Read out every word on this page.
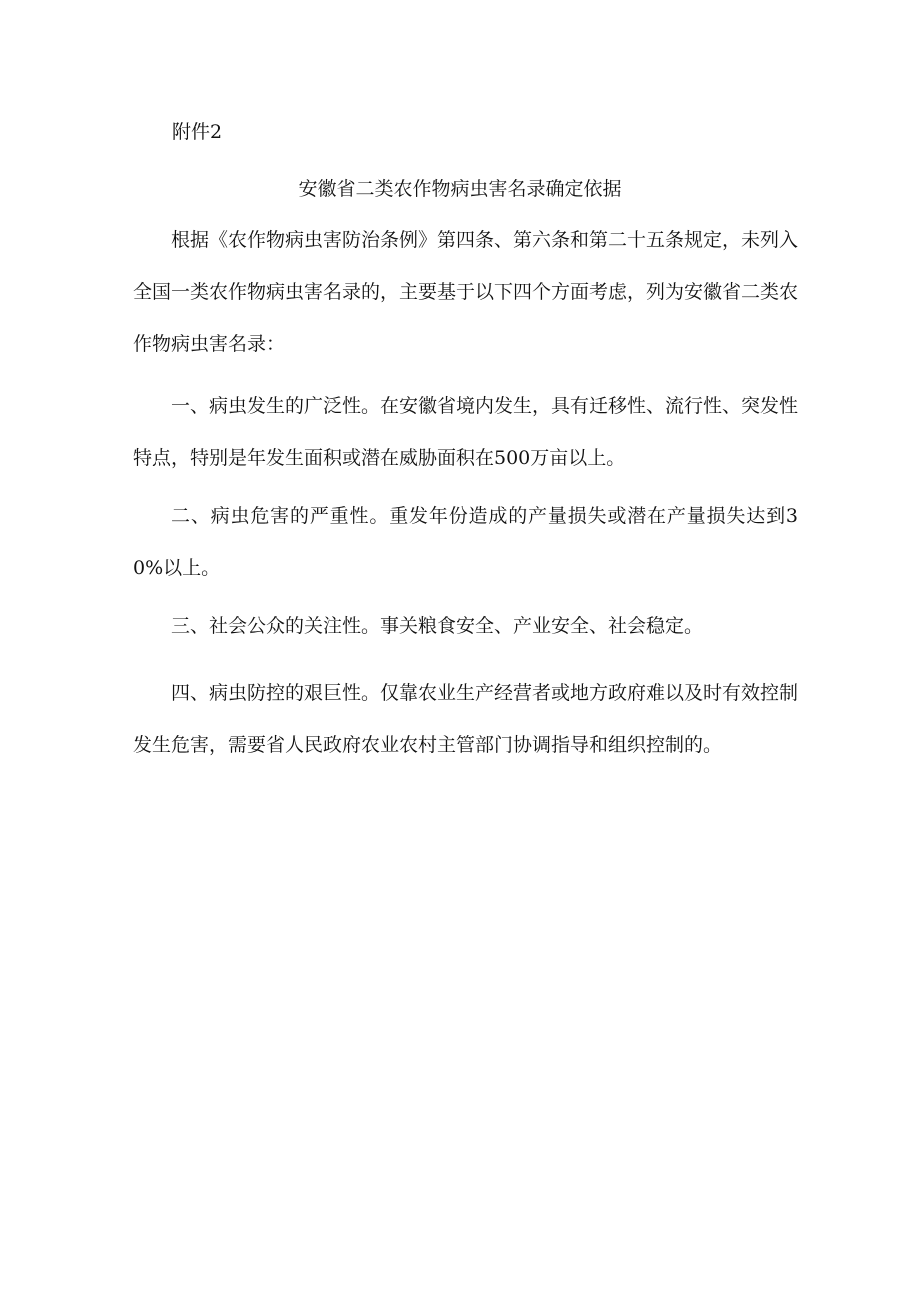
附件2

安徽省二类农作物病虫害名录确定依据

根据《农作物病虫害防治条例》第四条、第六条和第二十五条规定，未列入全国一类农作物病虫害名录的，主要基于以下四个方面考虑，列为安徽省二类农作物病虫害名录：

一、病虫发生的广泛性。在安徽省境内发生，具有迁移性、流行性、突发性特点，特别是年发生面积或潜在威胁面积在500万亩以上。

二、病虫危害的严重性。重发年份造成的产量损失或潜在产量损失达到30%以上。

三、社会公众的关注性。事关粮食安全、产业安全、社会稳定。

四、病虫防控的艰巨性。仅靠农业生产经营者或地方政府难以及时有效控制发生危害，需要省人民政府农业农村主管部门协调指导和组织控制的。
